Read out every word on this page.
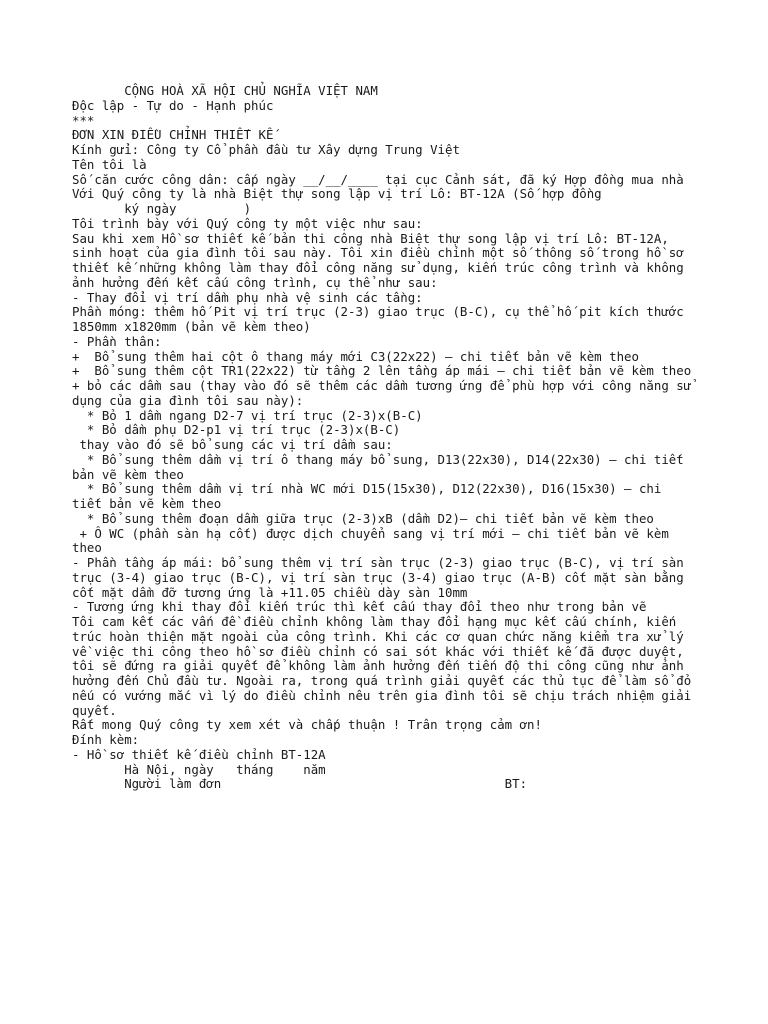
CỘNG HOÀ XÃ HỘI CHỦ NGHĨA VIỆT NAM
Độc lập - Tự do - Hạnh phúc
***
ĐƠN XIN ĐIỀU CHỈNH THIẾT KẾ
Kính gửi: Công ty Cổ phần đầu tư Xây dựng Trung Việt
Tên tôi là
Số căn cước công dân: cấp ngày __/__/____ tại cục Cảnh sát, đã ký Hợp đồng mua nhà
Với Quý công ty là nhà Biệt thự song lập vị trí Lô: BT-12A (Số hợp đồng
ký ngày         )
Tôi trình bày với Quý công ty một việc như sau:
Sau khi xem Hồ sơ thiết kế bản thi công nhà Biệt thự song lập vị trí Lô: BT-12A,
sinh hoạt của gia đình tôi sau này. Tôi xin điều chỉnh một số thông số trong hồ sơ
thiết kế những không làm thay đổi công năng sử dụng, kiến trúc công trình và không
ảnh hưởng đến kết cấu công trình, cụ thể như sau:
- Thay đổi vị trí dầm phụ nhà vệ sinh các tầng:
Phần móng: thêm hố Pit vị trí trục (2-3) giao trục (B-C), cụ thể hố pit kích thước
1850mm x1820mm (bản vẽ kèm theo)
- Phần thân:
+  Bổ sung thêm hai cột ô thang máy mới C3(22x22) – chi tiết bản vẽ kèm theo
+  Bổ sung thêm cột TR1(22x22) từ tầng 2 lên tầng áp mái – chi tiết bản vẽ kèm theo
+ bỏ các dầm sau (thay vào đó sẽ thêm các dầm tương ứng để phù hợp với công năng sử
dụng của gia đình tôi sau này):
* Bỏ 1 dầm ngang D2-7 vị trí trục (2-3)x(B-C)
* Bỏ dầm phụ D2-p1 vị trí trục (2-3)x(B-C)
thay vào đó sẽ bổ sung các vị trí dầm sau:
* Bổ sung thêm dầm vị trí ô thang máy bổ sung, D13(22x30), D14(22x30) – chi tiết
bản vẽ kèm theo
* Bổ sung thêm dầm vị trí nhà WC mới D15(15x30), D12(22x30), D16(15x30) – chi
tiết bản vẽ kèm theo
* Bổ sung thêm đoạn dầm giữa trục (2-3)xB (dầm D2)– chi tiết bản vẽ kèm theo
+ Ô WC (phần sàn hạ cốt) được dịch chuyển sang vị trí mới – chi tiết bản vẽ kèm
theo
- Phần tầng áp mái: bổ sung thêm vị trí sàn trục (2-3) giao trục (B-C), vị trí sàn
trục (3-4) giao trục (B-C), vị trí sàn trục (3-4) giao trục (A-B) cốt mặt sàn bằng
cốt mặt dầm đỡ tương ứng là +11.05 chiều dày sàn 10mm
- Tương ứng khi thay đổi kiến trúc thì kết cấu thay đổi theo như trong bản vẽ
Tôi cam kết các vấn đề điều chỉnh không làm thay đổi hạng mục kết cấu chính, kiến
trúc hoàn thiện mặt ngoài của công trình. Khi các cơ quan chức năng kiểm tra xử lý
về việc thi công theo hồ sơ điều chỉnh có sai sót khác với thiết kế đã được duyệt,
tôi sẽ đứng ra giải quyết để không làm ảnh hưởng đến tiến độ thi công cũng như ảnh
hưởng đến Chủ đầu tư. Ngoài ra, trong quá trình giải quyết các thủ tục để làm sổ đỏ
nếu có vướng mắc vì lý do điều chỉnh nêu trên gia đình tôi sẽ chịu trách nhiệm giải
quyết.
Rất mong Quý công ty xem xét và chấp thuận ! Trân trọng cảm ơn!
Đính kèm:
- Hồ sơ thiết kế điều chỉnh BT-12A
Hà Nội, ngày   tháng    năm
Người làm đơn                                      BT:
